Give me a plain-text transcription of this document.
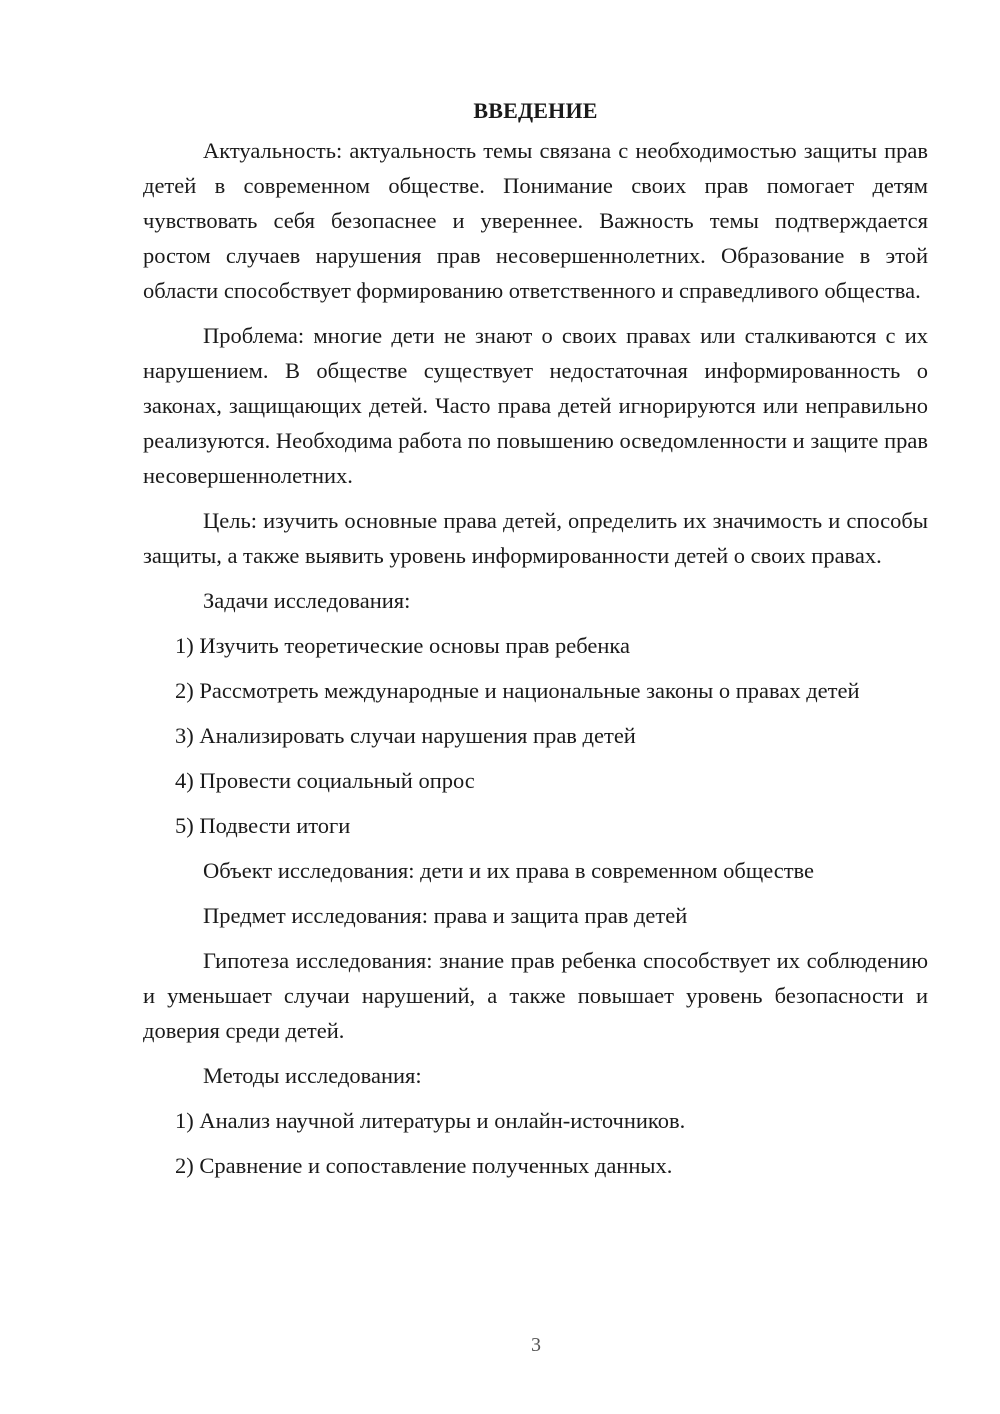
ВВЕДЕНИЕ

Актуальность: актуальность темы связана с необходимостью защиты прав детей в современном обществе. Понимание своих прав помогает детям чувствовать себя безопаснее и увереннее. Важность темы подтверждается ростом случаев нарушения прав несовершеннолетних. Образование в этой области способствует формированию ответственного и справедливого общества.

Проблема: многие дети не знают о своих правах или сталкиваются с их нарушением. В обществе существует недостаточная информированность о законах, защищающих детей. Часто права детей игнорируются или неправильно реализуются. Необходима работа по повышению осведомленности и защите прав несовершеннолетних.

Цель: изучить основные права детей, определить их значимость и способы защиты, а также выявить уровень информированности детей о своих правах.

Задачи исследования:

1) Изучить теоретические основы прав ребенка

2) Рассмотреть международные и национальные законы о правах детей

3) Анализировать случаи нарушения прав детей

4) Провести социальный опрос

5) Подвести итоги

Объект исследования: дети и их права в современном обществе

Предмет исследования: права и защита прав детей

Гипотеза исследования: знание прав ребенка способствует их соблюдению и уменьшает случаи нарушений, а также повышает уровень безопасности и доверия среди детей.

Методы исследования:

1) Анализ научной литературы и онлайн-источников.

2) Сравнение и сопоставление полученных данных.

3
